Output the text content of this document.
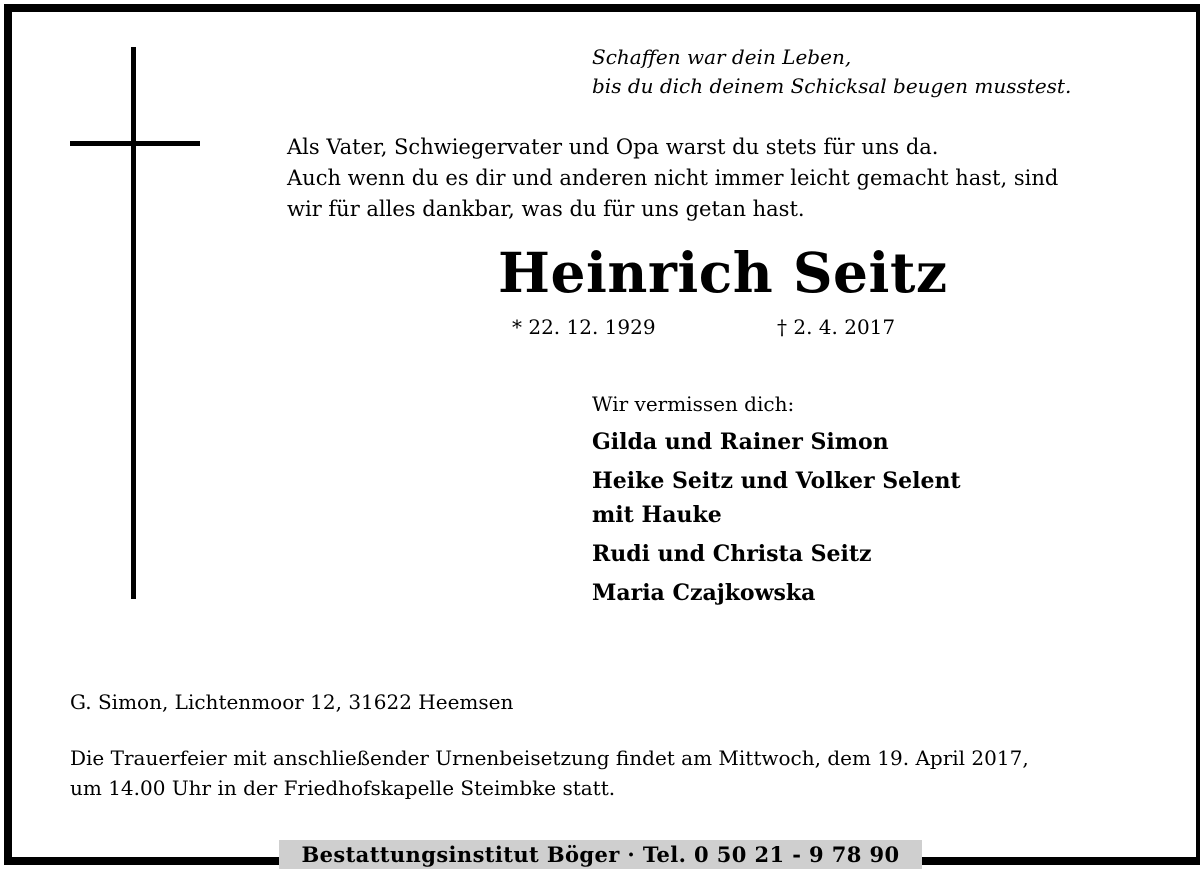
Schaffen war dein Leben,
bis du dich deinem Schicksal beugen musstest.
Als Vater, Schwiegervater und Opa warst du stets für uns da.
Auch wenn du es dir und anderen nicht immer leicht gemacht hast, sind
wir für alles dankbar, was du für uns getan hast.
Heinrich Seitz
* 22. 12. 1929	† 2. 4. 2017
Wir vermissen dich:
Gilda und Rainer Simon
Heike Seitz und Volker Selent
mit Hauke
Rudi und Christa Seitz
Maria Czajkowska
G. Simon, Lichtenmoor 12, 31622 Heemsen
Die Trauerfeier mit anschließender Urnenbeisetzung findet am Mittwoch, dem 19. April 2017,
um 14.00 Uhr in der Friedhofskapelle Steimbke statt.
Bestattungsinstitut Böger · Tel. 0 50 21 - 9 78 90
